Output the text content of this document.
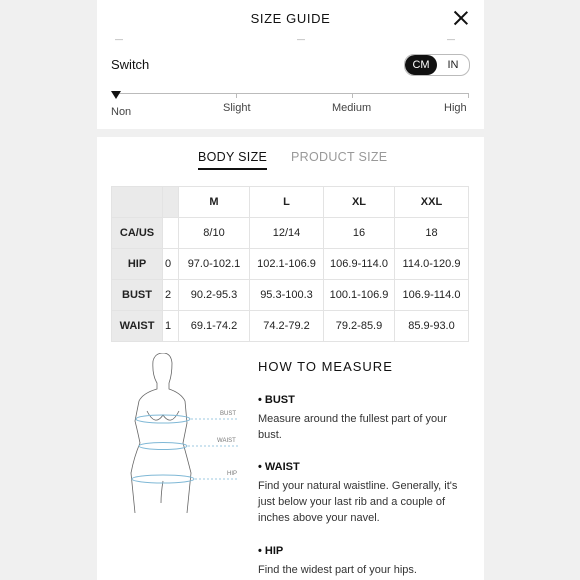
SIZE GUIDE
—	—	—
Switch	CM	IN
Non	Slight	Medium	High
BODY SIZE PRODUCT SIZE
		M	L	XL	XXL
CA/US		8/10	12/14	16	18
HIP	0	97.0-102.1	102.1-106.9	106.9-114.0	114.0-120.9
BUST	2	90.2-95.3	95.3-100.3	100.1-106.9	106.9-114.0
WAIST	1	69.1-74.2	74.2-79.2	79.2-85.9	85.9-93.0
BUST
WAIST
HIP
HOW TO MEASURE
• BUST
Measure around the fullest part of your bust.
• WAIST
Find your natural waistline. Generally, it's just below your last rib and a couple of inches above your navel.
• HIP
Find the widest part of your hips.
